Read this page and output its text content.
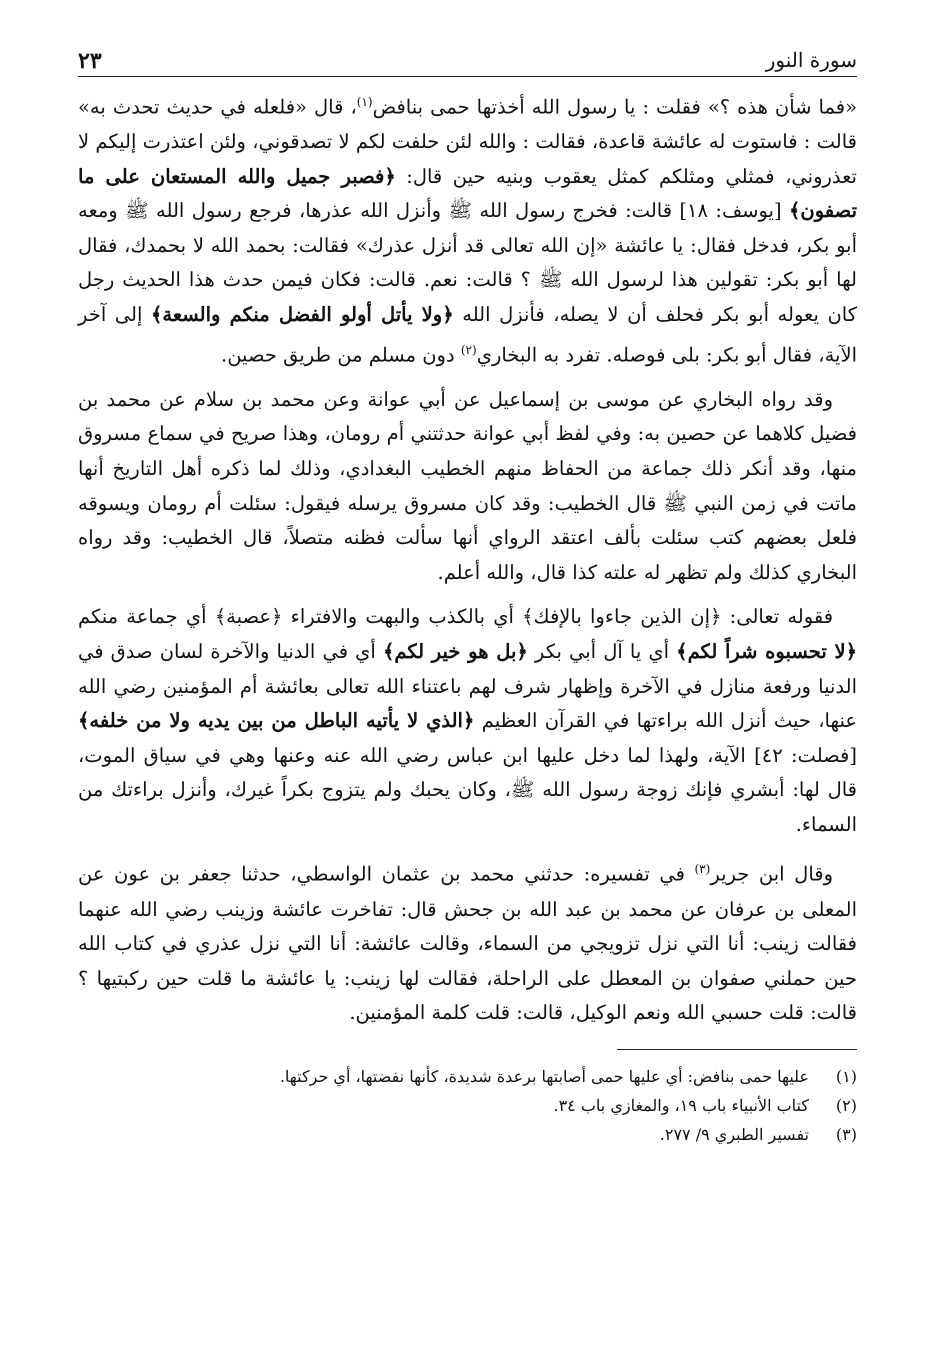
سورة النور
٢٣

«فما شأن هذه ؟» فقلت : يا رسول الله أخذتها حمى بنافض$^{(١)}$، قال «فلعله في حديث تحدث به» قالت : فاستوت له عائشة قاعدة، فقالت : والله لئن حلفت لكم لا تصدقوني، ولئن اعتذرت إليكم لا تعذروني، فمثلي ومثلكم كمثل يعقوب وبنيه حين قال: ﴿فصبر جميل والله المستعان على ما تصفون﴾ [يوسف: ١٨] قالت: فخرج رسول الله ﷺ وأنزل الله عذرها، فرجع رسول الله ﷺ ومعه أبو بكر، فدخل فقال: يا عائشة «إن الله تعالى قد أنزل عذرك» فقالت: بحمد الله لا بحمدك، فقال لها أبو بكر: تقولين هذا لرسول الله ﷺ ؟ قالت: نعم. قالت: فكان فيمن حدث هذا الحديث رجل كان يعوله أبو بكر فحلف أن لا يصله، فأنزل الله ﴿ولا يأتل أولو الفضل منكم والسعة﴾ إلى آخر الآية، فقال أبو بكر: بلى فوصله. تفرد به البخاري$^{(٢)}$ دون مسلم من طريق حصين.

وقد رواه البخاري عن موسى بن إسماعيل عن أبي عوانة وعن محمد بن سلام عن محمد بن فضيل كلاهما عن حصين به: وفي لفظ أبي عوانة حدثتني أم رومان، وهذا صريح في سماع مسروق منها، وقد أنكر ذلك جماعة من الحفاظ منهم الخطيب البغدادي، وذلك لما ذكره أهل التاريخ أنها ماتت في زمن النبي ﷺ قال الخطيب: وقد كان مسروق يرسله فيقول: سئلت أم رومان ويسوقه فلعل بعضهم كتب سئلت بألف اعتقد الرواي أنها سألت فظنه متصلاً، قال الخطيب: وقد رواه البخاري كذلك ولم تظهر له علته كذا قال، والله أعلم.

فقوله تعالى: ﴿إن الذين جاءوا بالإفك﴾ أي بالكذب والبهت والافتراء ﴿عصبة﴾ أي جماعة منكم ﴿لا تحسبوه شراً لكم﴾ أي يا آل أبي بكر ﴿بل هو خير لكم﴾ أي في الدنيا والآخرة لسان صدق في الدنيا ورفعة منازل في الآخرة وإظهار شرف لهم باعتناء الله تعالى بعائشة أم المؤمنين رضي الله عنها، حيث أنزل الله براءتها في القرآن العظيم ﴿الذي لا يأتيه الباطل من بين يديه ولا من خلفه﴾ [فصلت: ٤٢] الآية، ولهذا لما دخل عليها ابن عباس رضي الله عنه وعنها وهي في سياق الموت، قال لها: أبشري فإنك زوجة رسول الله ﷺ، وكان يحبك ولم يتزوج بكراً غيرك، وأنزل براءتك من السماء.

وقال ابن جرير$^{(٣)}$ في تفسيره: حدثني محمد بن عثمان الواسطي، حدثنا جعفر بن عون عن المعلى بن عرفان عن محمد بن عبد الله بن جحش قال: تفاخرت عائشة وزينب رضي الله عنهما فقالت زينب: أنا التي نزل تزويجي من السماء، وقالت عائشة: أنا التي نزل عذري في كتاب الله حين حملني صفوان بن المعطل على الراحلة، فقالت لها زينب: يا عائشة ما قلت حين ركبتيها ؟ قالت: قلت حسبي الله ونعم الوكيل، قالت: قلت كلمة المؤمنين.

(١)
عليها حمى بنافض: أي عليها حمى أصابتها برعدة شديدة، كأنها نفضتها، أي حركتها.
(٢)
كتاب الأنبياء باب ١٩، والمغازي باب ٣٤.
(٣)
تفسير الطبري ٩/ ٢٧٧.
